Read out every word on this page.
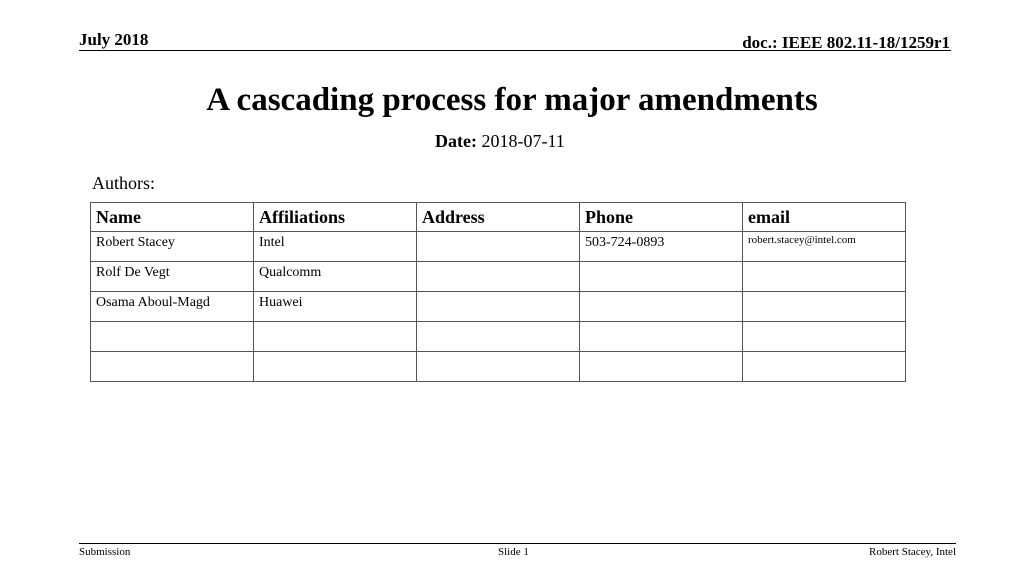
July 2018	doc.: IEEE 802.11-18/1259r1
A cascading process for major amendments
Date: 2018-07-11
Authors:
Name	Affiliations	Address	Phone	email
Robert Stacey	Intel		503-724-0893	robert.stacey@intel.com
Rolf De Vegt	Qualcomm			
Osama Aboul-Magd	Huawei			

Submission	Slide 1	Robert Stacey, Intel
